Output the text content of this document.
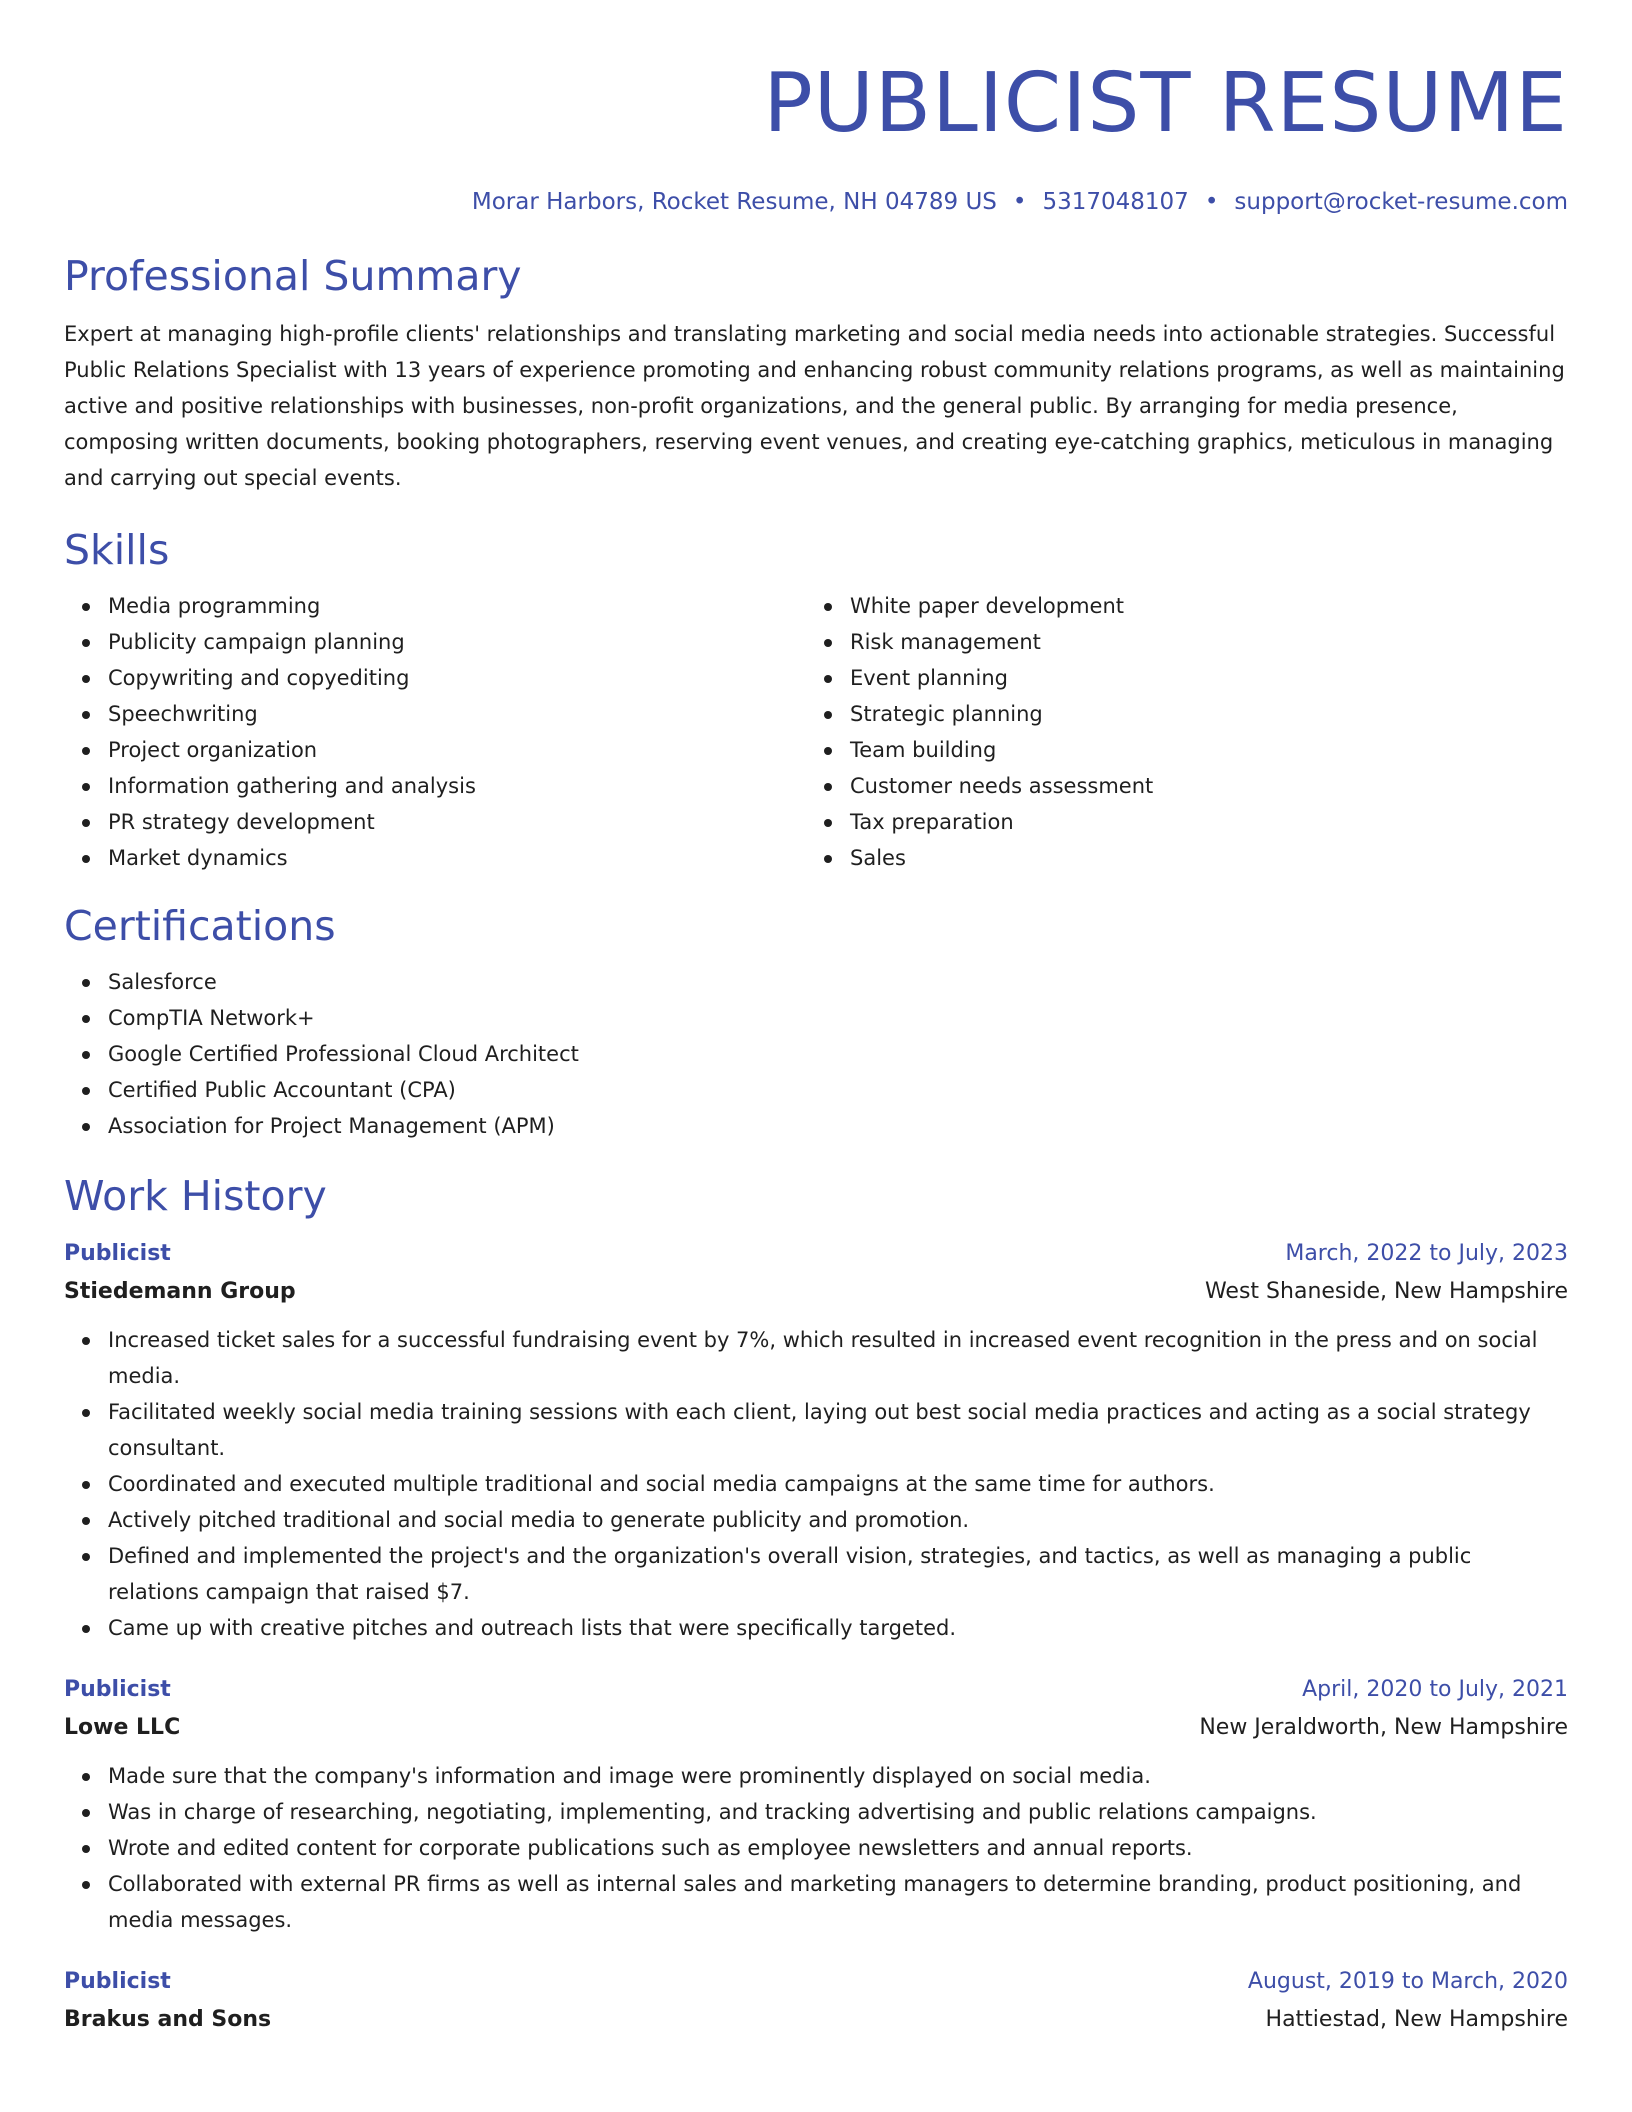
PUBLICIST RESUME
Morar Harbors, Rocket Resume, NH 04789 US • 5317048107 • support@rocket-resume.com
Professional Summary

Expert at managing high-profile clients' relationships and translating marketing and social media needs into actionable strategies. Successful Public Relations Specialist with 13 years of experience promoting and enhancing robust community relations programs, as well as maintaining active and positive relationships with businesses, non-profit organizations, and the general public. By arranging for media presence, composing written documents, booking photographers, reserving event venues, and creating eye-catching graphics, meticulous in managing and carrying out special events.

Skills
Media programming
Publicity campaign planning
Copywriting and copyediting
Speechwriting
Project organization
Information gathering and analysis
PR strategy development
Market dynamics
White paper development
Risk management
Event planning
Strategic planning
Team building
Customer needs assessment
Tax preparation
Sales
Certifications
Salesforce
CompTIA Network+
Google Certified Professional Cloud Architect
Certified Public Accountant (CPA)
Association for Project Management (APM)
Work History
Publicist	March, 2022 to July, 2023
Stiedemann Group	West Shaneside, New Hampshire
Increased ticket sales for a successful fundraising event by 7%, which resulted in increased event recognition in the press and on social media.
Facilitated weekly social media training sessions with each client, laying out best social media practices and acting as a social strategy consultant.
Coordinated and executed multiple traditional and social media campaigns at the same time for authors.
Actively pitched traditional and social media to generate publicity and promotion.
Defined and implemented the project's and the organization's overall vision, strategies, and tactics, as well as managing a public relations campaign that raised $7.
Came up with creative pitches and outreach lists that were specifically targeted.
Publicist	April, 2020 to July, 2021
Lowe LLC	New Jeraldworth, New Hampshire
Made sure that the company's information and image were prominently displayed on social media.
Was in charge of researching, negotiating, implementing, and tracking advertising and public relations campaigns.
Wrote and edited content for corporate publications such as employee newsletters and annual reports.
Collaborated with external PR firms as well as internal sales and marketing managers to determine branding, product positioning, and media messages.
Publicist	August, 2019 to March, 2020
Brakus and Sons	Hattiestad, New Hampshire
